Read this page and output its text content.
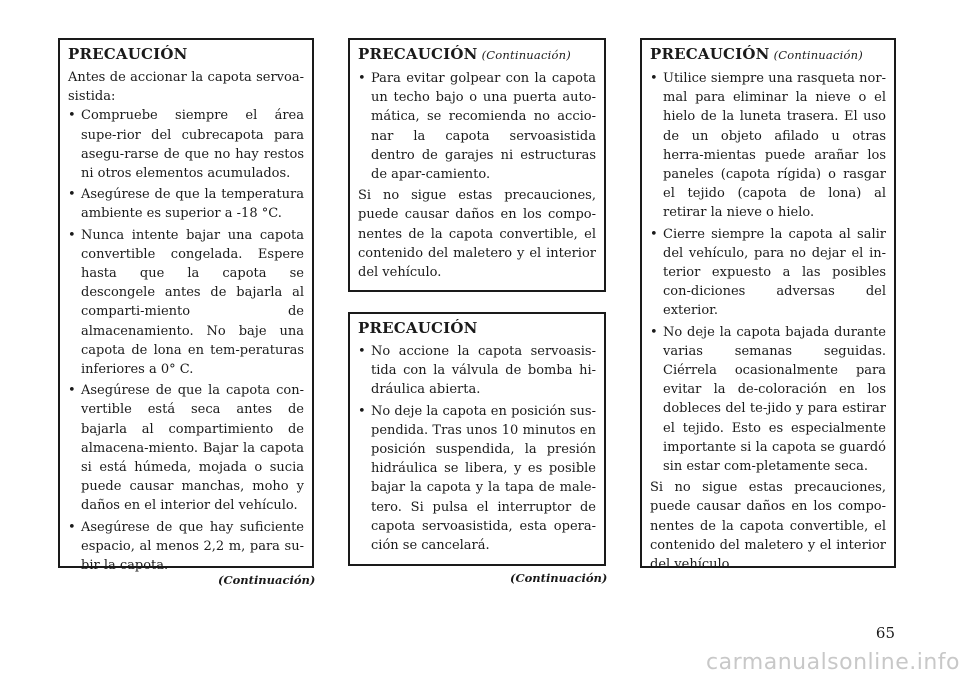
PRECAUCIÓN

Antes de accionar la capota servoa-sistida:

• Compruebe siempre el área supe-rior del cubrecapota para asegu-rarse de que no hay restos ni otros elementos acumulados.
• Asegúrese de que la temperatura ambiente es superior a -18 °C.
• Nunca intente bajar una capota convertible congelada. Espere hasta que la capota se descongele antes de bajarla al comparti-miento de almacenamiento. No baje una capota de lona en tem-peraturas inferiores a 0° C.
• Asegúrese de que la capota con-vertible está seca antes de bajarla al compartimiento de almacena-miento. Bajar la capota si está húmeda, mojada o sucia puede causar manchas, moho y daños en el interior del vehículo.
• Asegúrese de que hay suficiente espacio, al menos 2,2 m, para su-bir la capota.
(Continuación)

PRECAUCIÓN (Continuación)

• Para evitar golpear con la capota un techo bajo o una puerta auto-mática, se recomienda no accio-nar la capota servoasistida dentro de garajes ni estructuras de apar-camiento.

Si no sigue estas precauciones, puede causar daños en los compo-nentes de la capota convertible, el contenido del maletero y el interior del vehículo.

PRECAUCIÓN

• No accione la capota servoasis-tida con la válvula de bomba hi-dráulica abierta.
• No deje la capota en posición sus-pendida. Tras unos 10 minutos en posición suspendida, la presión hidráulica se libera, y es posible bajar la capota y la tapa de male-tero. Si pulsa el interruptor de capota servoasistida, esta opera-ción se cancelará.
(Continuación)

PRECAUCIÓN (Continuación)

• Utilice siempre una rasqueta nor-mal para eliminar la nieve o el hielo de la luneta trasera. El uso de un objeto afilado u otras herra-mientas puede arañar los paneles (capota rígida) o rasgar el tejido (capota de lona) al retirar la nieve o hielo.
• Cierre siempre la capota al salir del vehículo, para no dejar el in-terior expuesto a las posibles con-diciones adversas del exterior.
• No deje la capota bajada durante varias semanas seguidas. Ciérrela ocasionalmente para evitar la de-coloración en los dobleces del te-jido y para estirar el tejido. Esto es especialmente importante si la capota se guardó sin estar com-pletamente seca.

Si no sigue estas precauciones, puede causar daños en los compo-nentes de la capota convertible, el contenido del maletero y el interior del vehículo.

65
carmanualsonline.info
